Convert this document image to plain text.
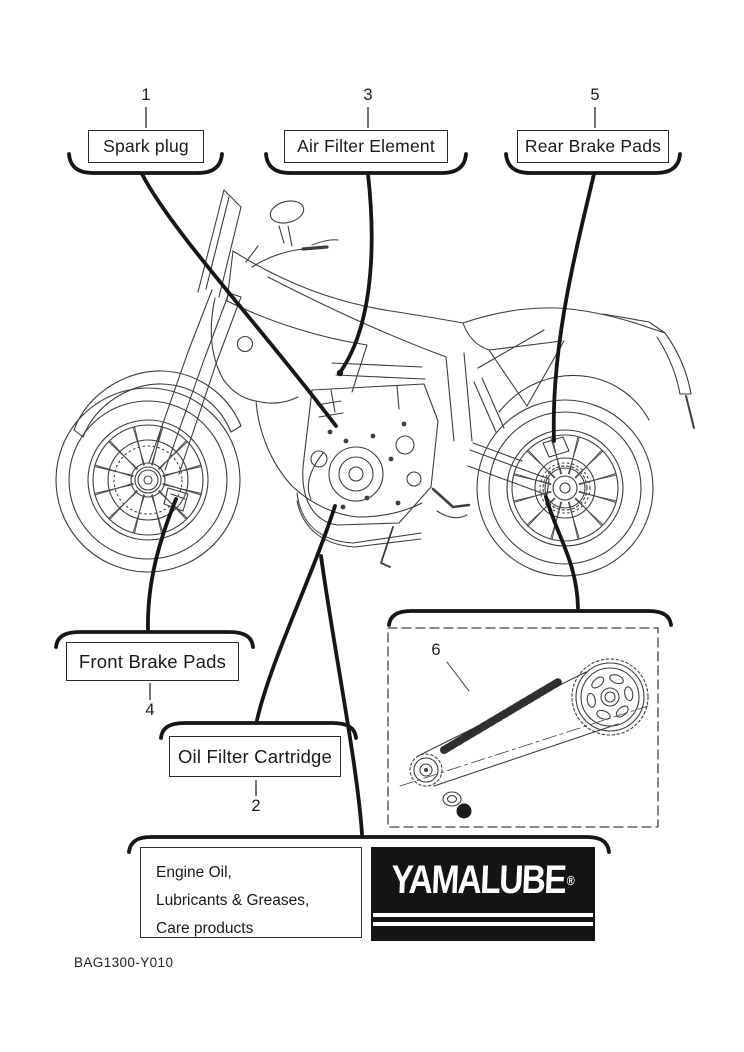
1	3	5
4
2
6
Spark plug	Air Filter Element	Rear Brake Pads
Front Brake Pads
Oil Filter Cartridge
Engine Oil,
Lubricants & Greases,
Care products
YAMALUBE ®
BAG1300-Y010
